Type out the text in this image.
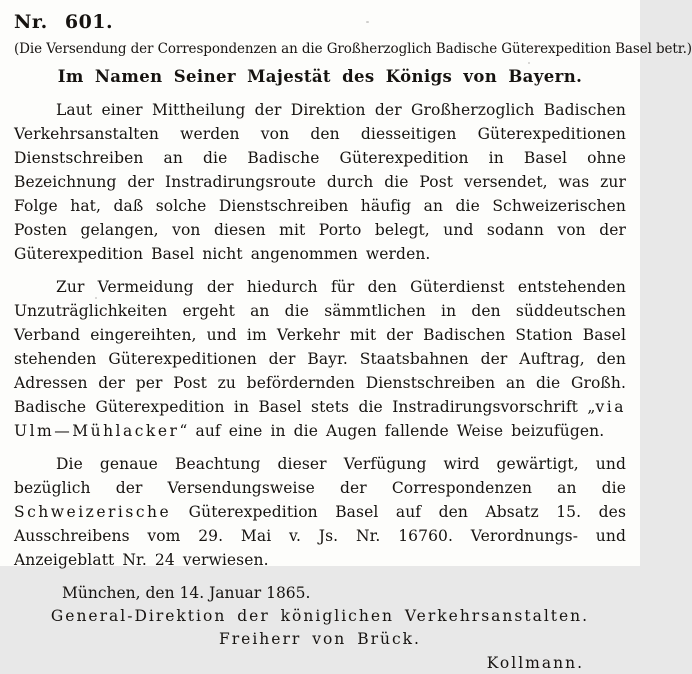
Nr. 601.
(Die Versendung der Correspondenzen an die Großherzoglich Badische Güterexpedition Basel betr.)
Im Namen Seiner Majestät des Königs von Bayern.

Laut einer Mittheilung der Direktion der Großherzoglich Badischen Verkehrsanstalten werden von den diesseitigen Güterexpeditionen Dienstschreiben an die Badische Güterexpedition in Basel ohne Bezeichnung der Instradirungsroute durch die Post versendet, was zur Folge hat, daß solche Dienstschreiben häufig an die Schweizerischen Posten gelangen, von diesen mit Porto belegt, und sodann von der Güterexpedition Basel nicht angenommen werden.

Zur Vermeidung der hiedurch für den Güterdienst entstehenden Unzuträglichkeiten ergeht an die sämmtlichen in den süddeutschen Verband eingereihten, und im Verkehr mit der Badischen Station Basel stehenden Güterexpeditionen der Bayr. Staatsbahnen der Auftrag, den Adressen der per Post zu befördernden Dienstschreiben an die Großh. Badische Güterexpedition in Basel stets die Instradirungsvorschrift „via Ulm—Mühlacker“ auf eine in die Augen fallende Weise beizufügen.

Die genaue Beachtung dieser Verfügung wird gewärtigt, und bezüglich der Versendungsweise der Correspondenzen an die Schweizerische Güterexpedition Basel auf den Absatz 15. des Ausschreibens vom 29. Mai v. Js. Nr. 16760. Verordnungs- und Anzeigeblatt Nr. 24 verwiesen.

München, den 14. Januar 1865.
General-Direktion der königlichen Verkehrsanstalten.
Freiherr von Brück.
Kollmann.
